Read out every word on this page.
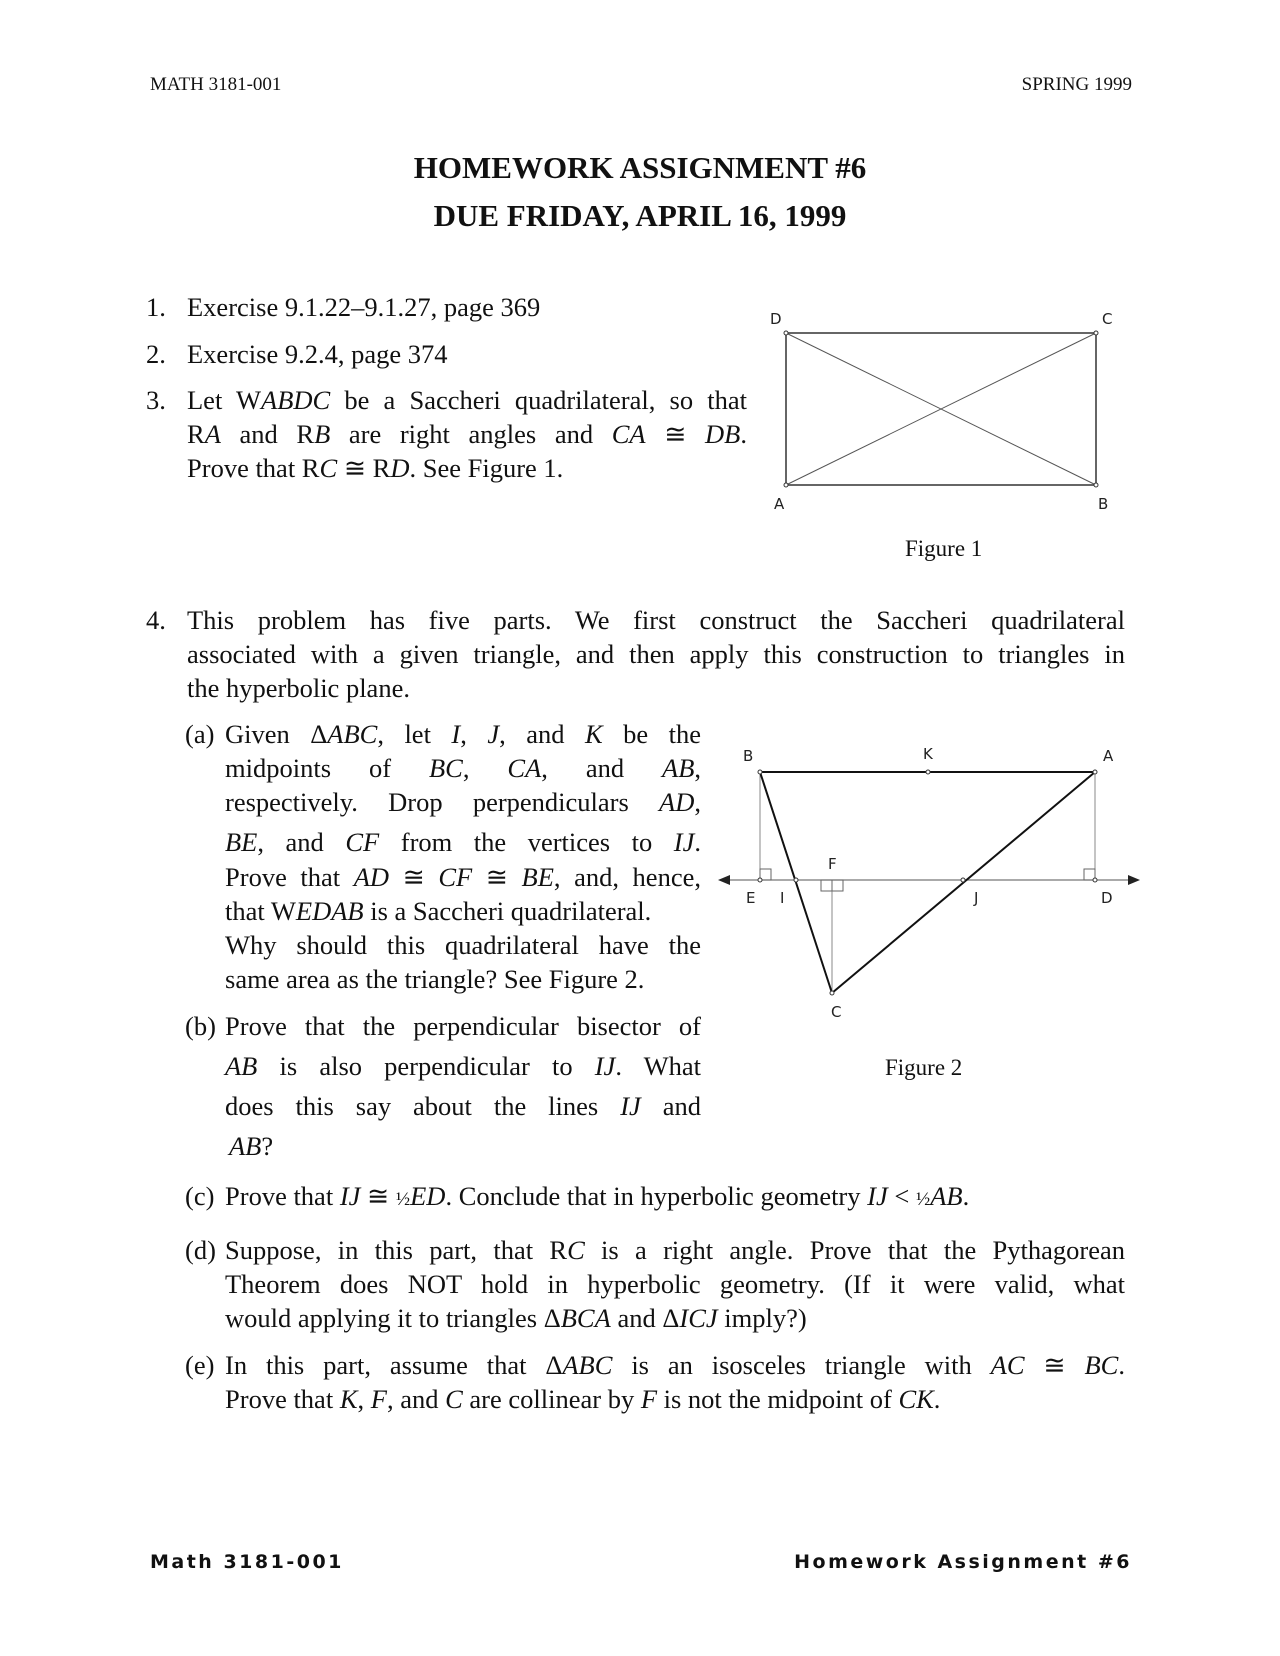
MATH 3181-001	SPRING 1999
HOMEWORK ASSIGNMENT #6
DUE FRIDAY, APRIL 16, 1999
1. Exercise 9.1.22–9.1.27, page 369
2. Exercise 9.2.4, page 374
3. Let WABDC be a Saccheri quadrilateral, so that
RA and RB are right angles and CA ≅ DB.
Prove that RC ≅ RD. See Figure 1.
D	C
A	B
Figure 1
4. This problem has five parts. We first construct the Saccheri quadrilateral
associated with a given triangle, and then apply this construction to triangles in
the hyperbolic plane.
(a) Given ΔABC, let I, J, and K be the
midpoints of BC, CA, and AB,
respectively. Drop perpendiculars AD,
BE, and CF from the vertices to IJ.
Prove that AD ≅ CF ≅ BE, and, hence,
that WEDAB is a Saccheri quadrilateral.
Why should this quadrilateral have the
same area as the triangle? See Figure 2.
(b) Prove that the perpendicular bisector of
AB is also perpendicular to IJ. What
does this say about the lines IJ and
AB?
B	K	A
F
E I	J	D
C
Figure 2
(c) Prove that IJ ≅ ½ED. Conclude that in hyperbolic geometry IJ < ½AB.
(d) Suppose, in this part, that RC is a right angle. Prove that the Pythagorean
Theorem does NOT hold in hyperbolic geometry. (If it were valid, what
would applying it to triangles ΔBCA and ΔICJ imply?)
(e) In this part, assume that ΔABC is an isosceles triangle with AC ≅ BC.
Prove that K, F, and C are collinear by F is not the midpoint of CK.
Math 3181-001	Homework Assignment #6
